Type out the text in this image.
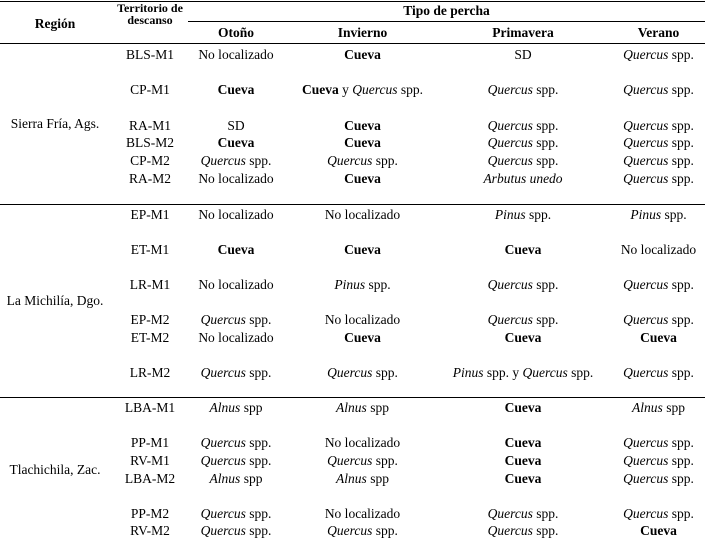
Región
Territorio de descanso
Tipo de percha
Otoño	Invierno	Primavera	Verano
Sierra Fría, Ags.
BLS-M1	No localizado	Cueva	SD	Quercus spp.
CP-M1	Cueva	Cueva y Quercus spp.	Quercus spp.	Quercus spp.
RA-M1	SD	Cueva	Quercus spp.	Quercus spp.
BLS-M2	Cueva	Cueva	Quercus spp.	Quercus spp.
CP-M2	Quercus spp.	Quercus spp.	Quercus spp.	Quercus spp.
RA-M2	No localizado	Cueva	Arbutus unedo	Quercus spp.
La Michilía, Dgo.
EP-M1	No localizado	No localizado	Pinus spp.	Pinus spp.
ET-M1	Cueva	Cueva	Cueva	No localizado
LR-M1	No localizado	Pinus spp.	Quercus spp.	Quercus spp.
EP-M2	Quercus spp.	No localizado	Quercus spp.	Quercus spp.
ET-M2	No localizado	Cueva	Cueva	Cueva
LR-M2	Quercus spp.	Quercus spp.	Pinus spp. y Quercus spp.	Quercus spp.
Tlachichila, Zac.
LBA-M1	Alnus spp	Alnus spp	Cueva	Alnus spp
PP-M1	Quercus spp.	No localizado	Cueva	Quercus spp.
RV-M1	Quercus spp.	Quercus spp.	Cueva	Quercus spp.
LBA-M2	Alnus spp	Alnus spp	Cueva	Quercus spp.
PP-M2	Quercus spp.	No localizado	Quercus spp.	Quercus spp.
RV-M2	Quercus spp.	Quercus spp.	Quercus spp.	Cueva
